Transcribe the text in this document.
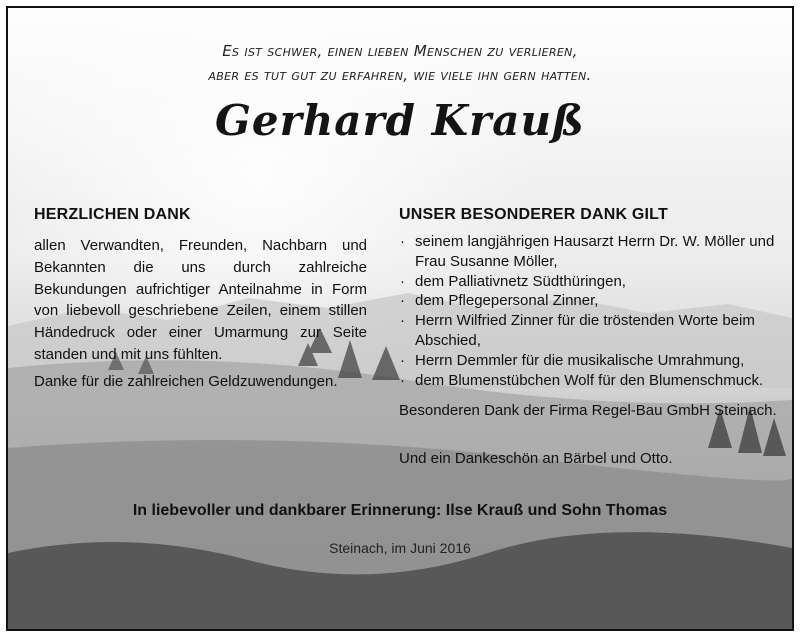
Es ist schwer, einen lieben Menschen zu verlieren,
aber es tut gut zu erfahren, wie viele ihn gern hatten.
Gerhard Krauß
HERZLICHEN DANK

allen Verwandten, Freunden, Nachbarn und Bekannten die uns durch zahlreiche Bekundungen aufrichtiger Anteilnahme in Form von liebevoll geschriebene Zeilen, einem stillen Händedruck oder einer Umarmung zur Seite standen und mit uns fühlten.

Danke für die zahlreichen Geldzuwendungen.

UNSER BESONDERER DANK GILT
· seinem langjährigen Hausarzt Herrn Dr. W. Möller und Frau Susanne Möller,
· dem Palliativnetz Südthüringen,
· dem Pflegepersonal Zinner,
· Herrn Wilfried Zinner für die tröstenden Worte beim Abschied,
· Herrn Demmler für die musikalische Umrahmung,
· dem Blumenstübchen Wolf für den Blumenschmuck.
Besonderen Dank der Firma Regel-Bau GmbH Steinach.
Und ein Dankeschön an Bärbel und Otto.
In liebevoller und dankbarer Erinnerung: Ilse Krauß und Sohn Thomas
Steinach, im Juni 2016
